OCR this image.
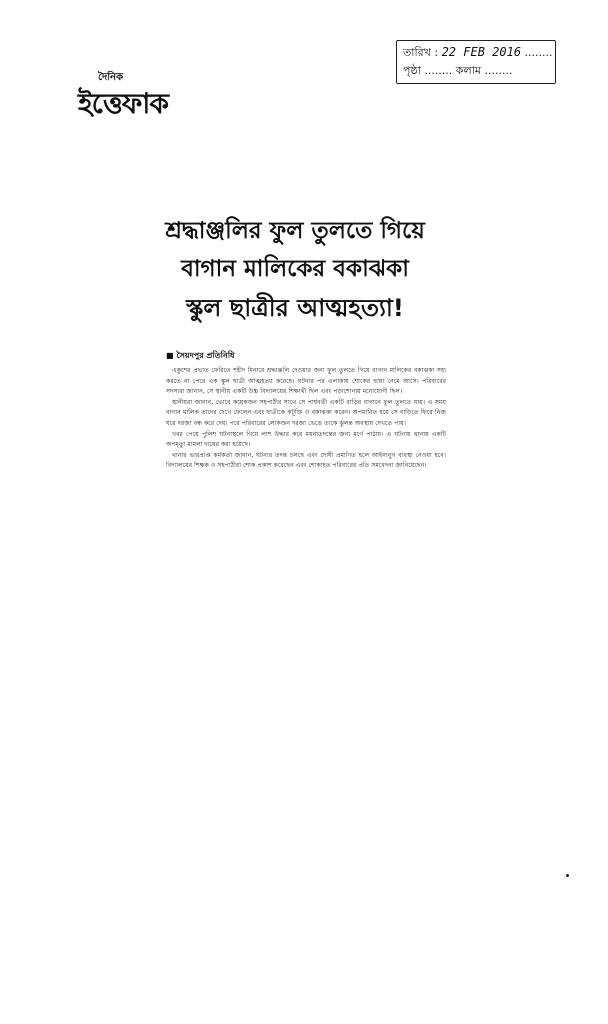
দৈনিক
ইত্তেফাক
তারিখ : 22 FEB 2016 ........
পৃষ্ঠা ........ কলাম ........
শ্রদ্ধাঞ্জলির ফুল তুলতে গিয়ে
বাগান মালিকের বকাঝকা
স্কুল ছাত্রীর আত্মহত্যা!
■ সৈয়দপুর প্রতিনিধি

একুশের প্রভাত ফেরিতে শহীদ মিনারে শ্রদ্ধাঞ্জলি দেওয়ার জন্য ফুল তুলতে গিয়ে বাগান মালিকের বকাঝকা সহ্য করতে না পেরে এক স্কুল ছাত্রী আত্মহত্যা করেছে। ঘটনার পর এলাকায় শোকের ছায়া নেমে আসে। পরিবারের সদস্যরা জানান, সে স্থানীয় একটি উচ্চ বিদ্যালয়ের শিক্ষার্থী ছিল এবং পড়াশোনায় মনোযোগী ছিল।

স্থানীয়রা জানান, ভোরে কয়েকজন সহপাঠীর সাথে সে পার্শ্ববর্তী একটি বাড়ির বাগানে ফুল তুলতে যায়। এ সময় বাগান মালিক তাদের দেখে ফেলেন এবং ছাত্রীকে কটূক্তি ও বকাঝকা করেন। অপমানিত হয়ে সে বাড়িতে ফিরে নিজ ঘরে দরজা বন্ধ করে দেয়। পরে পরিবারের লোকজন দরজা ভেঙে তাকে ঝুলন্ত অবস্থায় দেখতে পায়।

খবর পেয়ে পুলিশ ঘটনাস্থলে গিয়ে লাশ উদ্ধার করে ময়নাতদন্তের জন্য মর্গে পাঠায়। এ ঘটনায় থানায় একটি অপমৃত্যু মামলা দায়ের করা হয়েছে।

থানার ভারপ্রাপ্ত কর্মকর্তা জানান, ঘটনার তদন্ত চলছে এবং দোষী প্রমাণিত হলে আইনানুগ ব্যবস্থা নেওয়া হবে। বিদ্যালয়ের শিক্ষক ও সহপাঠীরা শোক প্রকাশ করেছেন এবং শোকাহত পরিবারের প্রতি সমবেদনা জানিয়েছেন।
